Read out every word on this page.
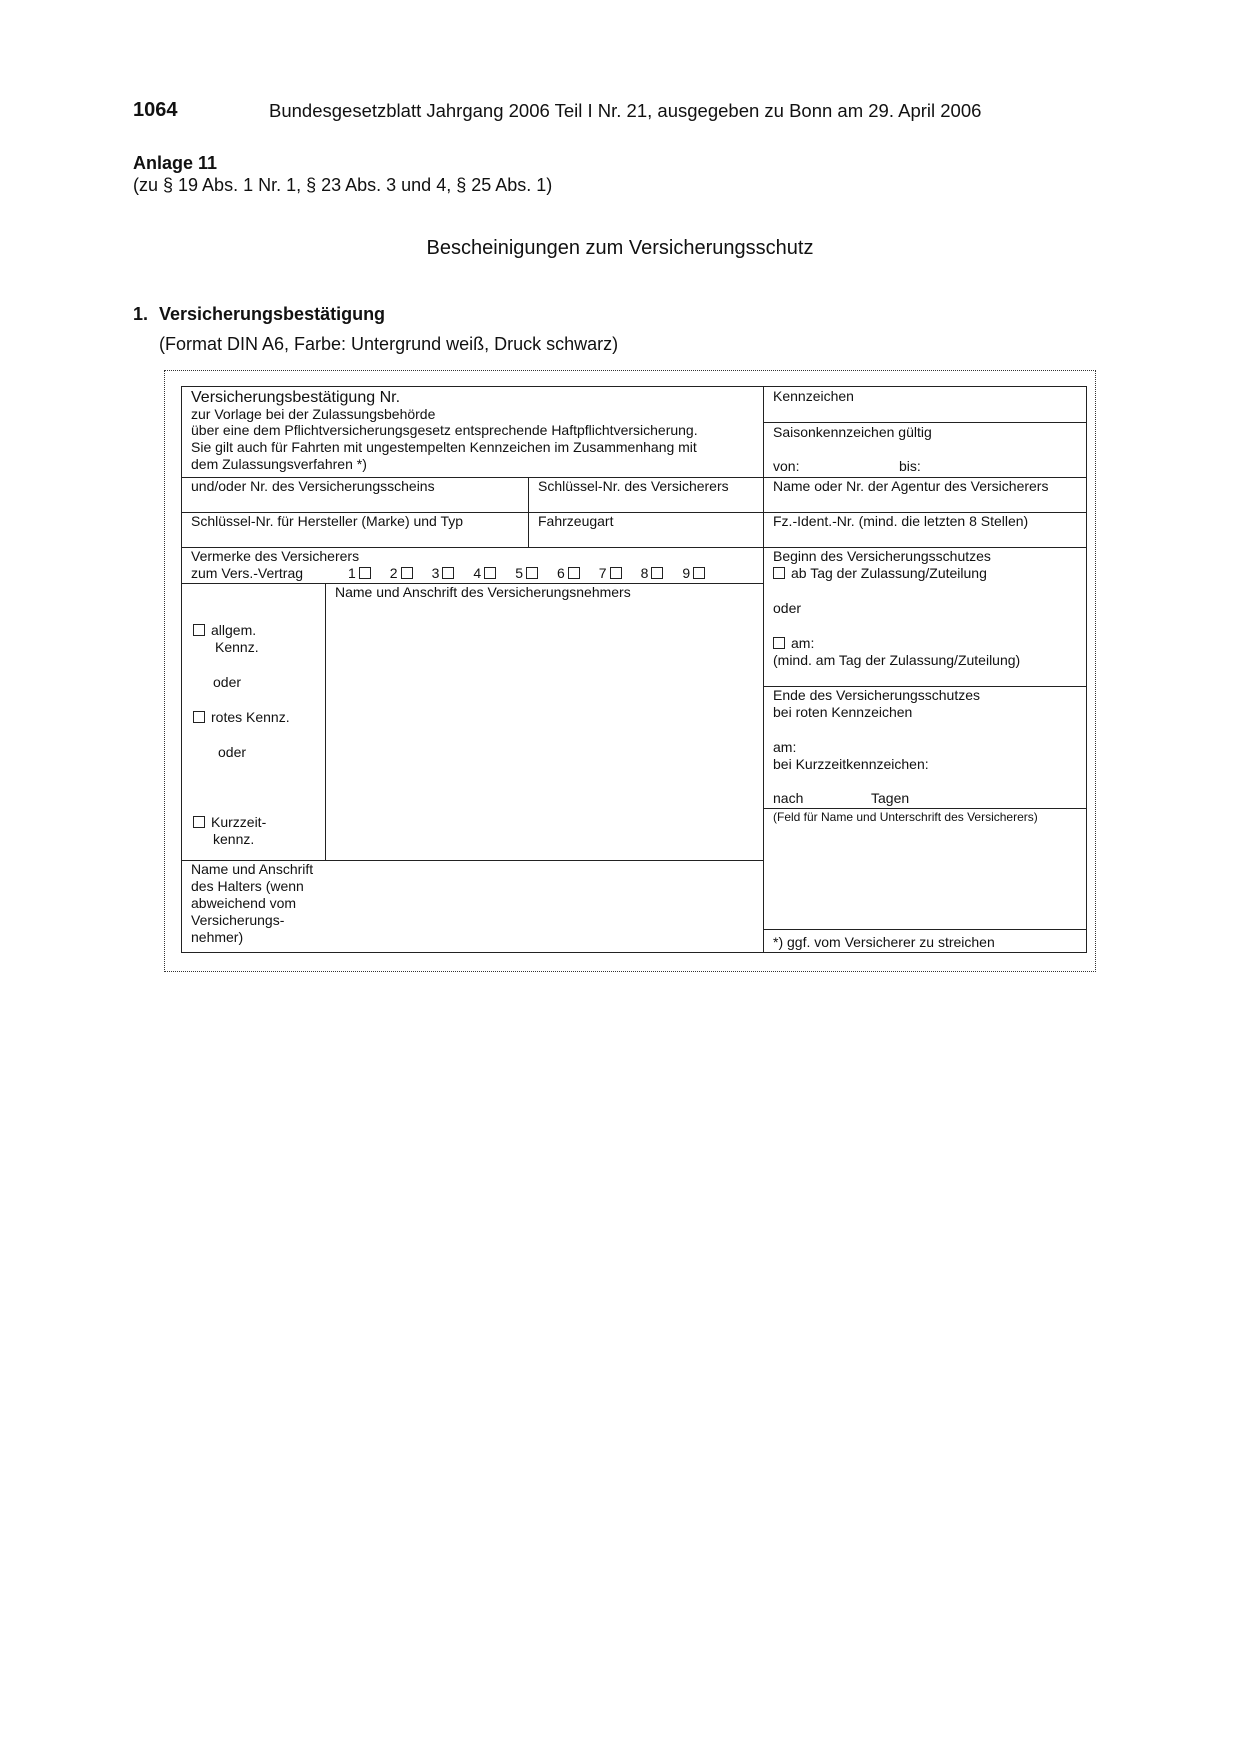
1064	Bundesgesetzblatt Jahrgang 2006 Teil I Nr. 21, ausgegeben zu Bonn am 29. April 2006
Anlage 11
(zu § 19 Abs. 1 Nr. 1, § 23 Abs. 3 und 4, § 25 Abs. 1)
Bescheinigungen zum Versicherungsschutz
1. Versicherungsbestätigung
(Format DIN A6, Farbe: Untergrund weiß, Druck schwarz)
Versicherungsbestätigung Nr.
zur Vorlage bei der Zulassungsbehörde
über eine dem Pflichtversicherungsgesetz entsprechende Haftpflichtversicherung.
Sie gilt auch für Fahrten mit ungestempelten Kennzeichen im Zusammenhang mit
dem Zulassungsverfahren *)
Kennzeichen
Saisonkennzeichen gültig
von:	bis:
und/oder Nr. des Versicherungsscheins	Schlüssel-Nr. des Versicherers	Name oder Nr. der Agentur des Versicherers
Schlüssel-Nr. für Hersteller (Marke) und Typ	Fahrzeugart	Fz.-Ident.-Nr. (mind. die letzten 8 Stellen)
Vermerke des Versicherers
zum Vers.-Vertrag	1 2 3 4 5 6 7 8 9
Name und Anschrift des Versicherungsnehmers
allgem.
Kennz.
oder
rotes Kennz.
oder
Kurzzeit-
kennz.
Name und Anschrift
des Halters (wenn
abweichend vom
Versicherungs-
nehmer)
Beginn des Versicherungsschutzes
ab Tag der Zulassung/Zuteilung
oder
am:
(mind. am Tag der Zulassung/Zuteilung)
Ende des Versicherungsschutzes
bei roten Kennzeichen
am:
bei Kurzzeitkennzeichen:
nach	Tagen
(Feld für Name und Unterschrift des Versicherers)
*) ggf. vom Versicherer zu streichen
